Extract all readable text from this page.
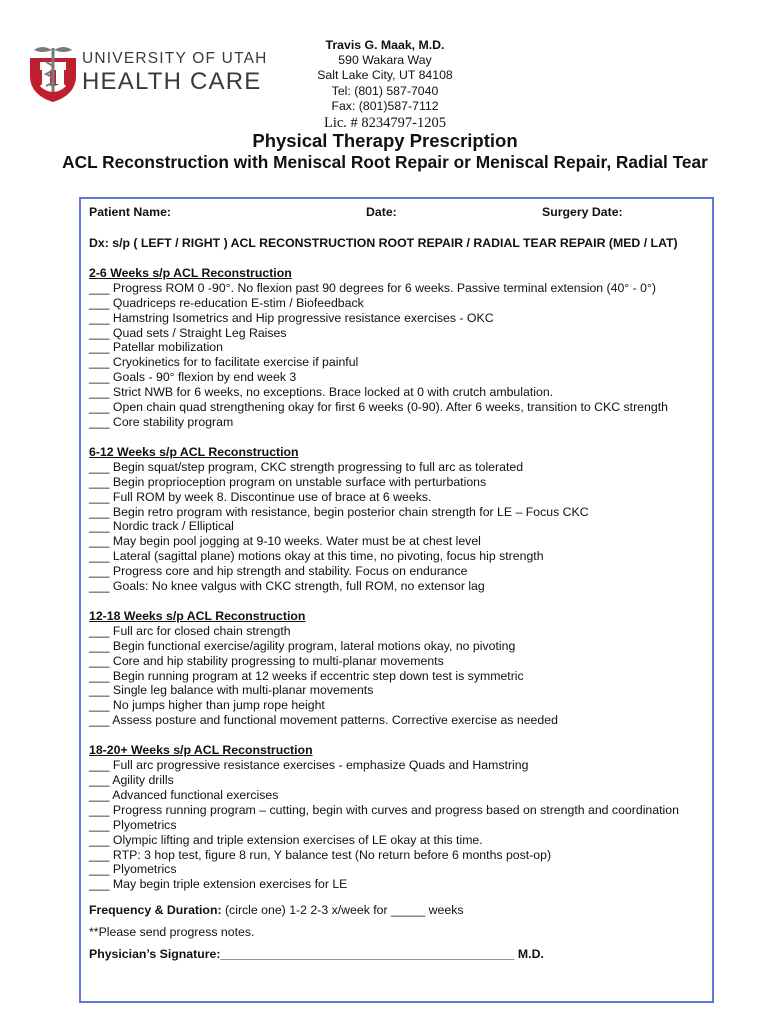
UNIVERSITY OF UTAH
HEALTH CARE
Travis G. Maak, M.D.
590 Wakara Way
Salt Lake City, UT 84108
Tel: (801) 587-7040
Fax: (801)587-7112
Lic. # 8234797-1205
Physical Therapy Prescription
ACL Reconstruction with Meniscal Root Repair or Meniscal Repair, Radial Tear
Patient Name:	Date:	Surgery Date:
Dx: s/p ( LEFT / RIGHT ) ACL RECONSTRUCTION ROOT REPAIR / RADIAL TEAR REPAIR (MED / LAT)
2-6 Weeks s/p ACL Reconstruction
___ Progress ROM 0 -90°. No flexion past 90 degrees for 6 weeks. Passive terminal extension (40° - 0°)
___ Quadriceps re-education E-stim / Biofeedback
___ Hamstring Isometrics and Hip progressive resistance exercises - OKC
___ Quad sets / Straight Leg Raises
___ Patellar mobilization
___ Cryokinetics for to facilitate exercise if painful
___ Goals - 90° flexion by end week 3
___ Strict NWB for 6 weeks, no exceptions. Brace locked at 0 with crutch ambulation.
___ Open chain quad strengthening okay for first 6 weeks (0-90). After 6 weeks, transition to CKC strength
___ Core stability program
6-12 Weeks s/p ACL Reconstruction
___ Begin squat/step program, CKC strength progressing to full arc as tolerated
___ Begin proprioception program on unstable surface with perturbations
___ Full ROM by week 8. Discontinue use of brace at 6 weeks.
___ Begin retro program with resistance, begin posterior chain strength for LE – Focus CKC
___ Nordic track / Elliptical
___ May begin pool jogging at 9-10 weeks. Water must be at chest level
___ Lateral (sagittal plane) motions okay at this time, no pivoting, focus hip strength
___ Progress core and hip strength and stability. Focus on endurance
___ Goals: No knee valgus with CKC strength, full ROM, no extensor lag
12-18 Weeks s/p ACL Reconstruction
___ Full arc for closed chain strength
___ Begin functional exercise/agility program, lateral motions okay, no pivoting
___ Core and hip stability progressing to multi-planar movements
___ Begin running program at 12 weeks if eccentric step down test is symmetric
___ Single leg balance with multi-planar movements
___ No jumps higher than jump rope height
___ Assess posture and functional movement patterns. Corrective exercise as needed
18-20+ Weeks s/p ACL Reconstruction
___ Full arc progressive resistance exercises - emphasize Quads and Hamstring
___ Agility drills
___ Advanced functional exercises
___ Progress running program – cutting, begin with curves and progress based on strength and coordination
___ Plyometrics
___ Olympic lifting and triple extension exercises of LE okay at this time.
___ RTP: 3 hop test, figure 8 run, Y balance test (No return before 6 months post-op)
___ Plyometrics
___ May begin triple extension exercises for LE
Frequency & Duration: (circle one) 1-2 2-3 x/week for _____ weeks
**Please send progress notes.
Physician’s Signature:___________________________________________ M.D.
